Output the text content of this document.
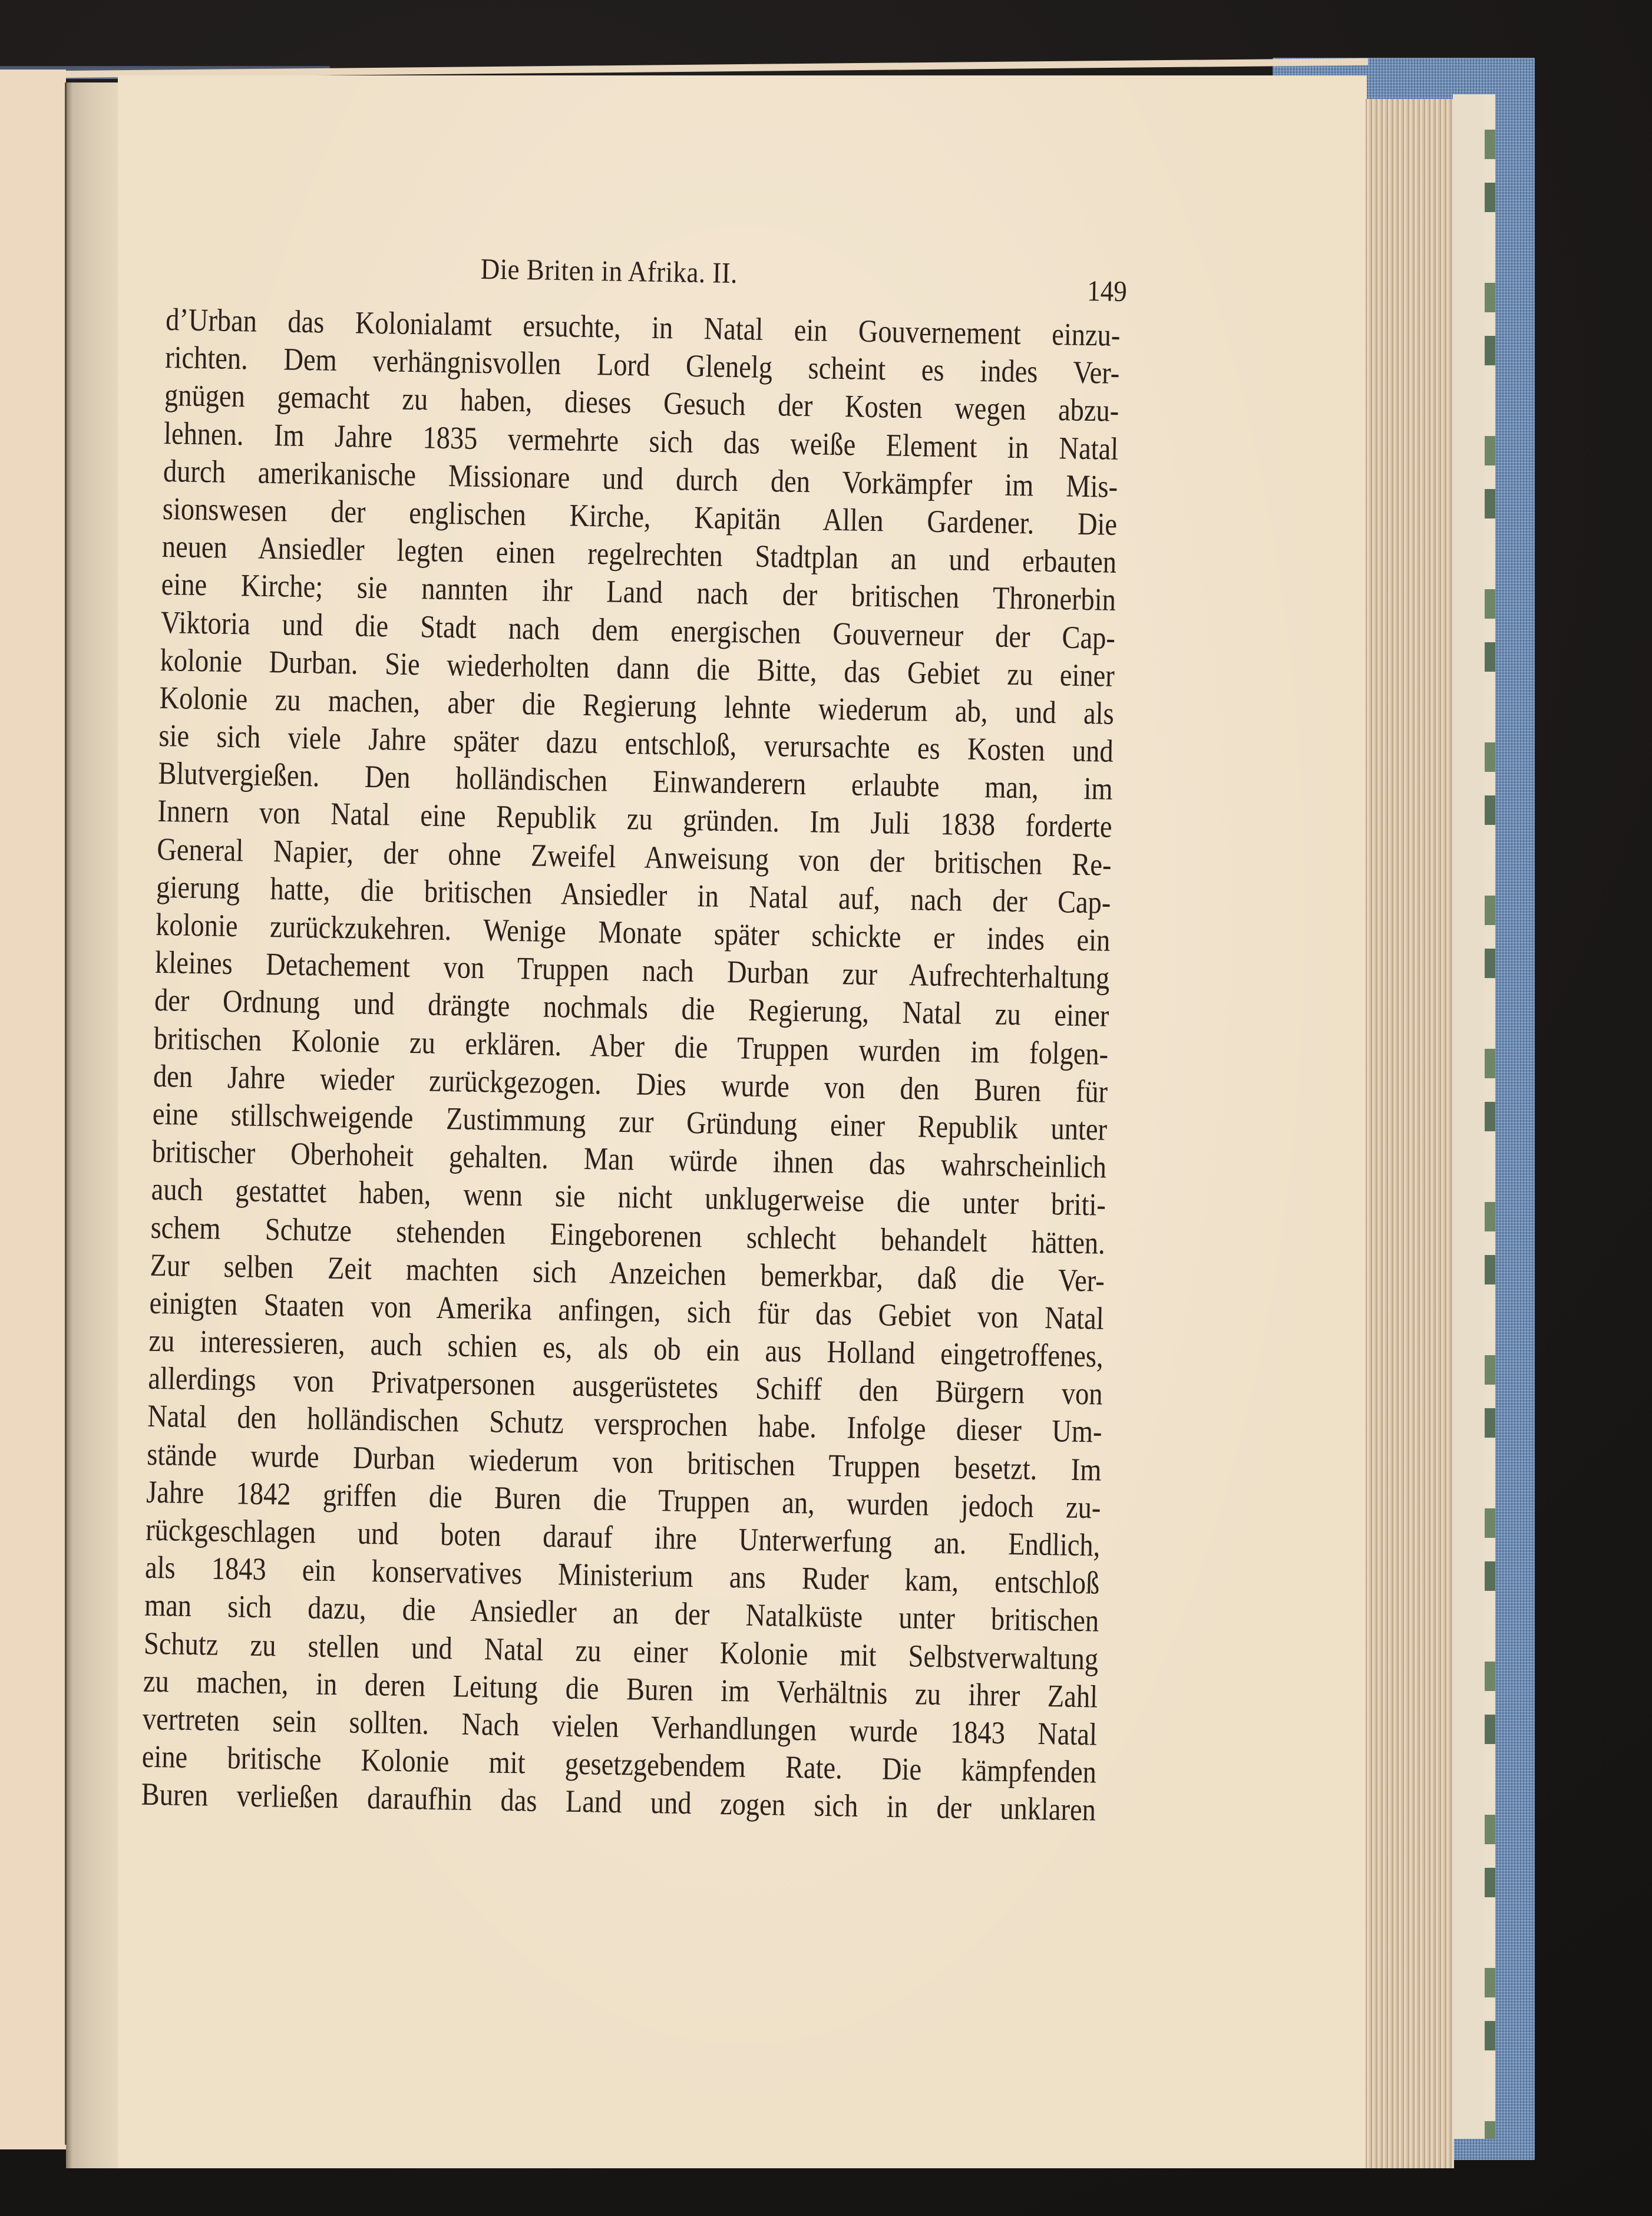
Die Briten in Afrika. II.
149
d’Urban das Kolonialamt ersuchte, in Natal ein Gouvernement einzu-
richten. Dem verhängnisvollen Lord Glenelg scheint es indes Ver-
gnügen gemacht zu haben, dieses Gesuch der Kosten wegen abzu-
lehnen. Im Jahre 1835 vermehrte sich das weiße Element in Natal
durch amerikanische Missionare und durch den Vorkämpfer im Mis-
sionswesen der englischen Kirche, Kapitän Allen Gardener. Die
neuen Ansiedler legten einen regelrechten Stadtplan an und erbauten
eine Kirche; sie nannten ihr Land nach der britischen Thronerbin
Viktoria und die Stadt nach dem energischen Gouverneur der Cap-
kolonie Durban. Sie wiederholten dann die Bitte, das Gebiet zu einer
Kolonie zu machen, aber die Regierung lehnte wiederum ab, und als
sie sich viele Jahre später dazu entschloß, verursachte es Kosten und
Blutvergießen. Den holländischen Einwanderern erlaubte man, im
Innern von Natal eine Republik zu gründen. Im Juli 1838 forderte
General Napier, der ohne Zweifel Anweisung von der britischen Re-
gierung hatte, die britischen Ansiedler in Natal auf, nach der Cap-
kolonie zurückzukehren. Wenige Monate später schickte er indes ein
kleines Detachement von Truppen nach Durban zur Aufrechterhaltung
der Ordnung und drängte nochmals die Regierung, Natal zu einer
britischen Kolonie zu erklären. Aber die Truppen wurden im folgen-
den Jahre wieder zurückgezogen. Dies wurde von den Buren für
eine stillschweigende Zustimmung zur Gründung einer Republik unter
britischer Oberhoheit gehalten. Man würde ihnen das wahrscheinlich
auch gestattet haben, wenn sie nicht unklugerweise die unter briti-
schem Schutze stehenden Eingeborenen schlecht behandelt hätten.
Zur selben Zeit machten sich Anzeichen bemerkbar, daß die Ver-
einigten Staaten von Amerika anfingen, sich für das Gebiet von Natal
zu interessieren, auch schien es, als ob ein aus Holland eingetroffenes,
allerdings von Privatpersonen ausgerüstetes Schiff den Bürgern von
Natal den holländischen Schutz versprochen habe. Infolge dieser Um-
stände wurde Durban wiederum von britischen Truppen besetzt. Im
Jahre 1842 griffen die Buren die Truppen an, wurden jedoch zu-
rückgeschlagen und boten darauf ihre Unterwerfung an. Endlich,
als 1843 ein konservatives Ministerium ans Ruder kam, entschloß
man sich dazu, die Ansiedler an der Natalküste unter britischen
Schutz zu stellen und Natal zu einer Kolonie mit Selbstverwaltung
zu machen, in deren Leitung die Buren im Verhältnis zu ihrer Zahl
vertreten sein sollten. Nach vielen Verhandlungen wurde 1843 Natal
eine britische Kolonie mit gesetzgebendem Rate. Die kämpfenden
Buren verließen daraufhin das Land und zogen sich in der unklaren
